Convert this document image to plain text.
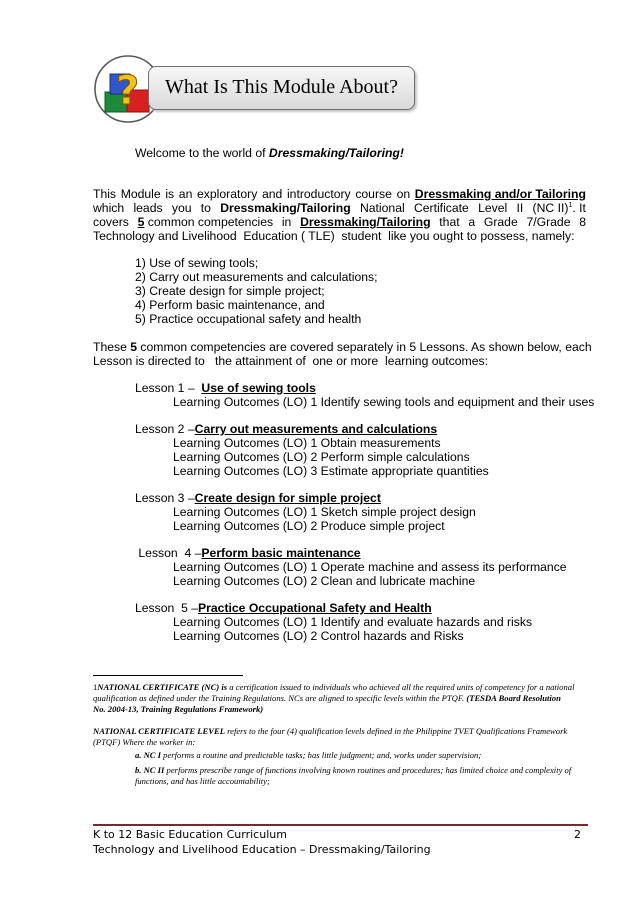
?	What Is This Module About?
Welcome to the world of Dressmaking/Tailoring!
This Module is an exploratory and introductory course on Dressmaking and/or Tailoring
which leads you to Dressmaking/Tailoring National Certificate Level II (NC II)$^1$. It
covers 5 common competencies in Dressmaking/Tailoring that a Grade 7/Grade 8
Technology and Livelihood  Education ( TLE)  student  like you ought to possess, namely:
1) Use of sewing tools;
2) Carry out measurements and calculations;
3) Create design for simple project;
4) Perform basic maintenance, and
5) Practice occupational safety and health
These 5 common competencies are covered separately in 5 Lessons. As shown below, each
Lesson is directed to   the attainment of  one or more  learning outcomes:
Lesson 1 –  Use of sewing tools
Learning Outcomes (LO) 1 Identify sewing tools and equipment and their uses
Lesson 2 –Carry out measurements and calculations
Learning Outcomes (LO) 1 Obtain measurements
Learning Outcomes (LO) 2 Perform simple calculations
Learning Outcomes (LO) 3 Estimate appropriate quantities
Lesson 3 –Create design for simple project
Learning Outcomes (LO) 1 Sketch simple project design
Learning Outcomes (LO) 2 Produce simple project
Lesson  4 –Perform basic maintenance
Learning Outcomes (LO) 1 Operate machine and assess its performance
Learning Outcomes (LO) 2 Clean and lubricate machine
Lesson  5 –Practice Occupational Safety and Health
Learning Outcomes (LO) 1 Identify and evaluate hazards and risks
Learning Outcomes (LO) 2 Control hazards and Risks
1NATIONAL CERTIFICATE (NC) is a certification issued to individuals who achieved all the required units of competency for a national
qualification as defined under the Training Regulations. NCs are aligned to specific levels within the PTQF. (TESDA Board Resolution
No. 2004-13, Training Regulations Framework)
NATIONAL CERTIFICATE LEVEL refers to the four (4) qualification levels defined in the Philippine TVET Qualifications Framework
(PTQF) Where the worker in:
a. NC I performs a routine and predictable tasks; has little judgment; and, works under supervision;
b. NC II performs prescribe range of functions involving known routines and procedures; has limited choice and complexity of
functions, and has little accountability;
K to 12 Basic Education Curriculum	2
Technology and Livelihood Education – Dressmaking/Tailoring
